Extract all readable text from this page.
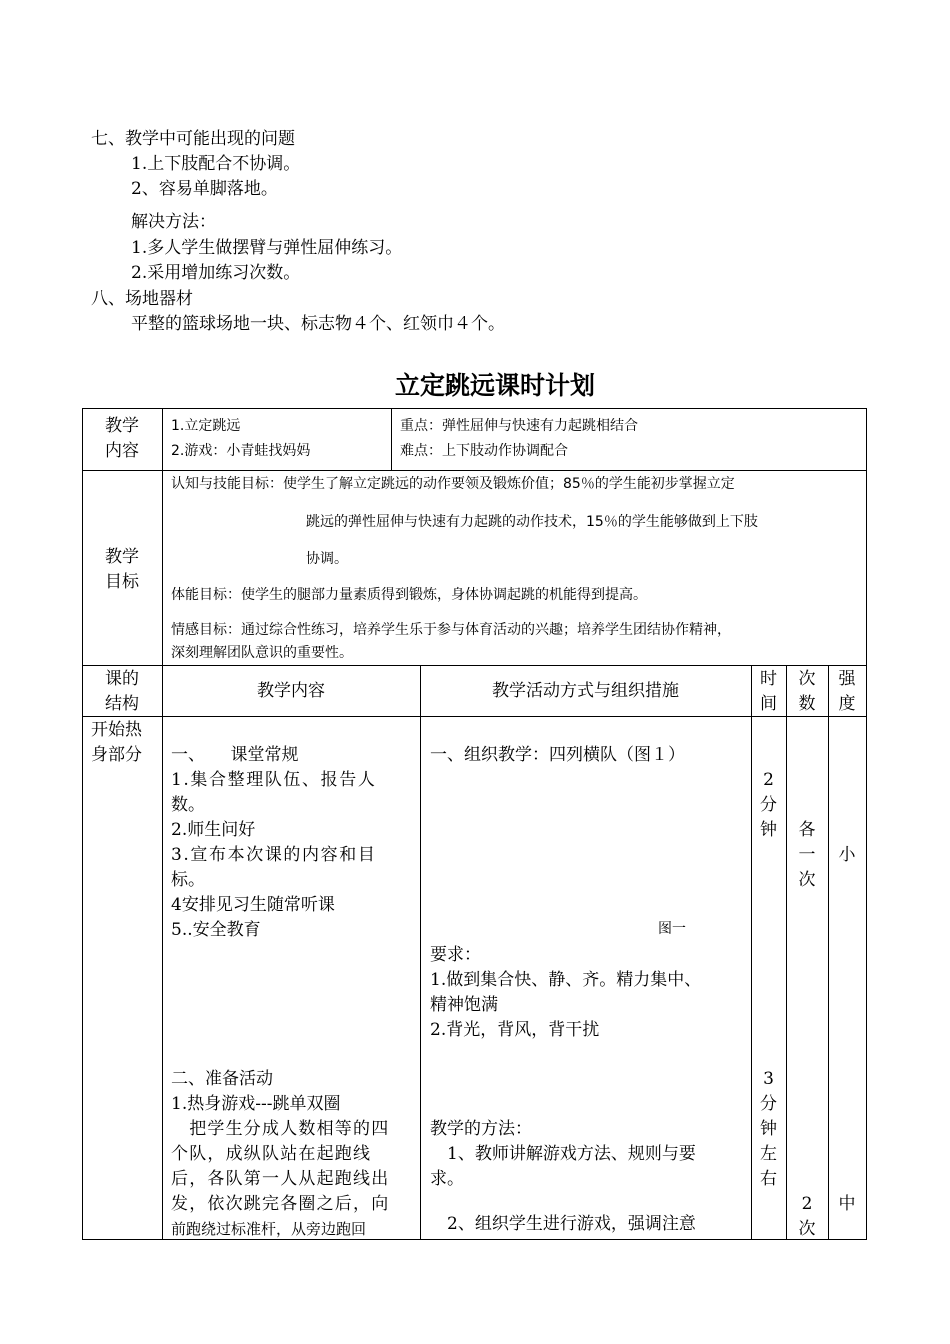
七、教学中可能出现的问题
1.上下肢配合不协调。
2、容易单脚落地。
解决方法：
1.多人学生做摆臂与弹性屈伸练习。
2.采用增加练习次数。
八、场地器材
平整的篮球场地一块、标志物４个、红领巾４个。
立定跳远课时计划
教学
内容
1.立定跳远
2.游戏：小青蛙找妈妈
重点：弹性屈伸与快速有力起跳相结合
难点：上下肢动作协调配合
教学
目标
认知与技能目标：使学生了解立定跳远的动作要领及锻炼价值；85％的学生能初步掌握立定
跳远的弹性屈伸与快速有力起跳的动作技术，15％的学生能够做到上下肢
协调。
体能目标：使学生的腿部力量素质得到锻炼，身体协调起跳的机能得到提高。
情感目标：通过综合性练习，培养学生乐于参与体育活动的兴趣；培养学生团结协作精神，
深刻理解团队意识的重要性。
课的
结构
教学内容	教学活动方式与组织措施
时
间
次
数
强
度
开始热
身部分 一、　　课堂常规
1.集合整理队伍、报告人
数。
2.师生问好
3.宣布本次课的内容和目
标。
4安排见习生随常听课
5..安全教育
二、准备活动
1.热身游戏---跳单双圈
　把学生分成人数相等的四
个队，成纵队站在起跑线
后，各队第一人从起跑线出
发，依次跳完各圈之后，向
前跑绕过标准杆，从旁边跑回
一、组织教学：四列横队（图１）
图一
要求：
1.做到集合快、静、齐。精力集中、
精神饱满
2.背光，背风，背干扰
教学的方法：
　1、教师讲解游戏方法、规则与要
求。
　2、组织学生进行游戏，强调注意
2
分
钟	各
一
次
小
3
分
钟
左
右
2
次
中
